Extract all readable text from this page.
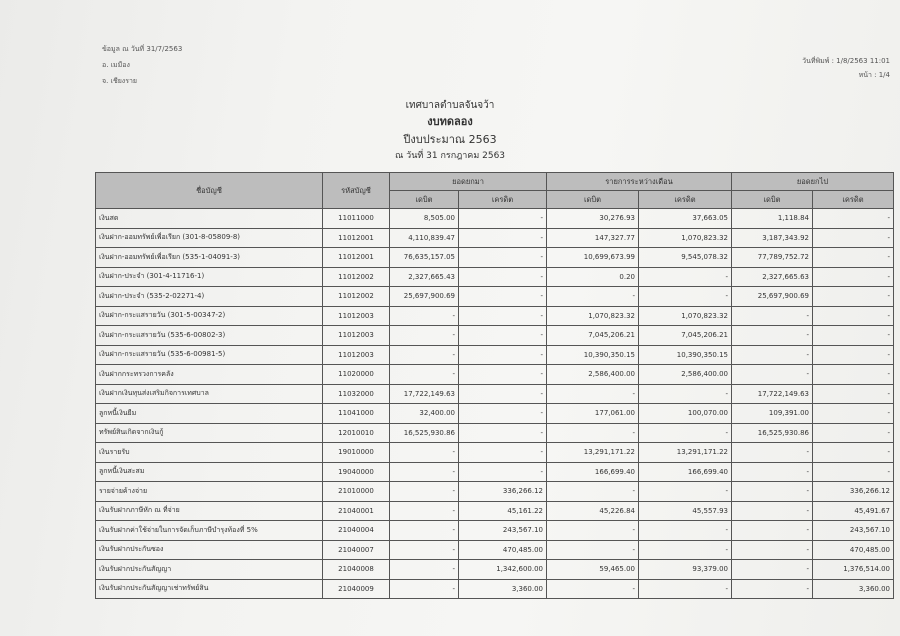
ข้อมูล ณ วันที่ 31/7/2563
อ. เมมือง
จ. เชียงราย
วันที่พิมพ์ : 1/8/2563 11:01
หน้า : 1/4
เทศบาลตำบลจันจว้า
งบทดลอง
ปีงบประมาณ 2563
ณ วันที่ 31 กรกฎาคม 2563
ชื่อบัญชี	รหัสบัญชี	ยอดยกมา		รายการระหว่างเดือน		ยอดยกไป	
		เดบิต	เครดิต	เดบิต	เครดิต	เดบิต	เครดิต
เงินสด	11011000	8,505.00	-	30,276.93	37,663.05	1,118.84	-
เงินฝาก-ออมทรัพย์เพื่อเรียก (301-8-05809-8)	11012001	4,110,839.47	-	147,327.77	1,070,823.32	3,187,343.92	-
เงินฝาก-ออมทรัพย์เพื่อเรียก (535-1-04091-3)	11012001	76,635,157.05	-	10,699,673.99	9,545,078.32	77,789,752.72	-
เงินฝาก-ประจำ (301-4-11716-1)	11012002	2,327,665.43	-	0.20	-	2,327,665.63	-
เงินฝาก-ประจำ (535-2-02271-4)	11012002	25,697,900.69	-	-	-	25,697,900.69	-
เงินฝาก-กระแสรายวัน (301-5-00347-2)	11012003	-	-	1,070,823.32	1,070,823.32	-	-
เงินฝาก-กระแสรายวัน (535-6-00802-3)	11012003	-	-	7,045,206.21	7,045,206.21	-	-
เงินฝาก-กระแสรายวัน (535-6-00981-5)	11012003	-	-	10,390,350.15	10,390,350.15	-	-
เงินฝากกระทรวงการคลัง	11020000	-	-	2,586,400.00	2,586,400.00	-	-
เงินฝากเงินทุนส่งเสริมกิจการเทศบาล	11032000	17,722,149.63	-	-	-	17,722,149.63	-
ลูกหนี้เงินยืม	11041000	32,400.00	-	177,061.00	100,070.00	109,391.00	-
ทรัพย์สินเกิดจากเงินกู้	12010010	16,525,930.86	-	-	-	16,525,930.86	-
เงินรายรับ	19010000	-	-	13,291,171.22	13,291,171.22	-	-
ลูกหนี้เงินสะสม	19040000	-	-	166,699.40	166,699.40	-	-
รายจ่ายค้างจ่าย	21010000	-	336,266.12	-	-	-	336,266.12
เงินรับฝากภาษีหัก ณ ที่จ่าย	21040001	-	45,161.22	45,226.84	45,557.93	-	45,491.67
เงินรับฝากค่าใช้จ่ายในการจัดเก็บภาษีบำรุงท้องที่ 5%	21040004	-	243,567.10	-	-	-	243,567.10
เงินรับฝากประกันซอง	21040007	-	470,485.00	-	-	-	470,485.00
เงินรับฝากประกันสัญญา	21040008	-	1,342,600.00	59,465.00	93,379.00	-	1,376,514.00
เงินรับฝากประกันสัญญาเช่าทรัพย์สิน	21040009	-	3,360.00	-	-	-	3,360.00
